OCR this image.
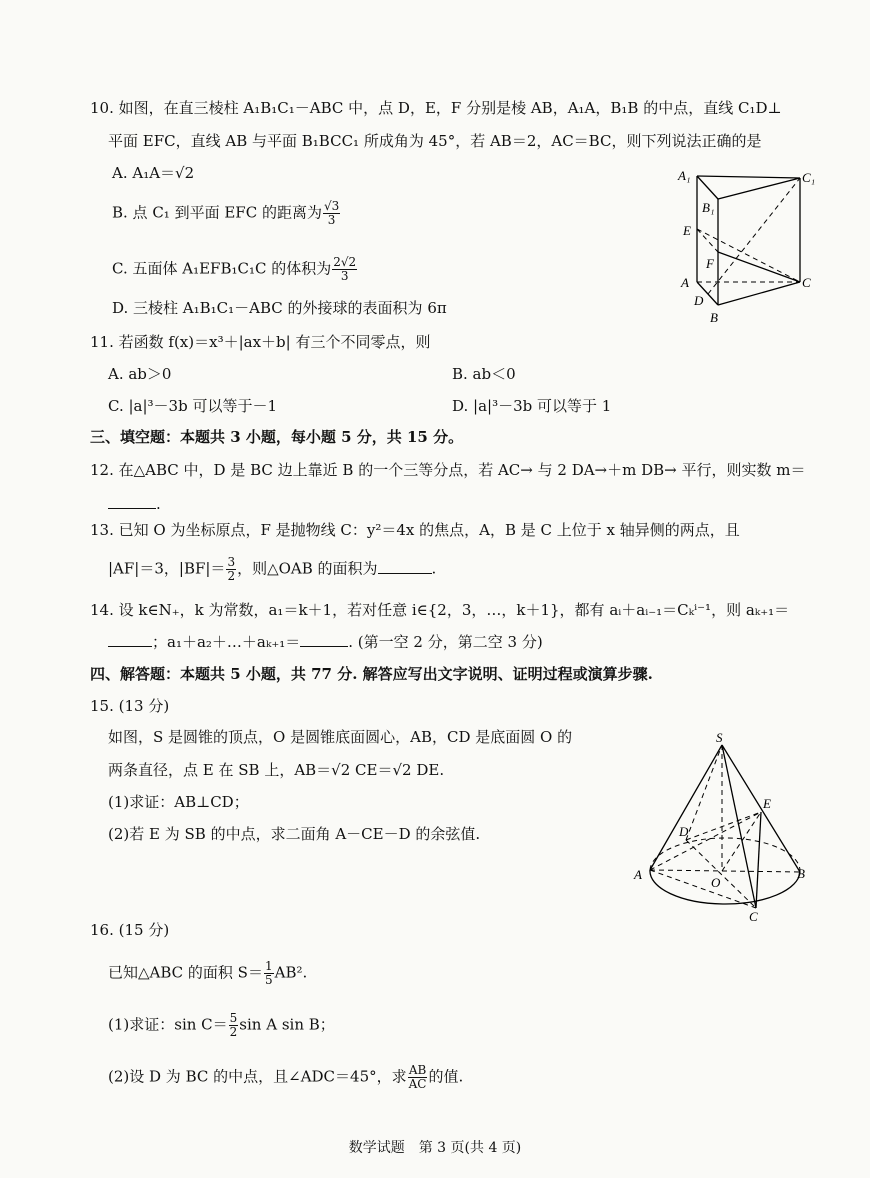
10. 如图，在直三棱柱 A₁B₁C₁－ABC 中，点 D，E，F 分别是棱 AB，A₁A，B₁B 的中点，直线 C₁D⊥
平面 EFC，直线 AB 与平面 B₁BCC₁ 所成角为 45°，若 AB＝2，AC＝BC，则下列说法正确的是
A. A₁A＝√2
B. 点 C₁ 到平面 EFC 的距离为 $\frac{√3}{3}$
C. 五面体 A₁EFB₁C₁C 的体积为 $\frac{2√2}{3}$
D. 三棱柱 A₁B₁C₁－ABC 的外接球的表面积为 6π
A₁	C₁
B₁
E
F
A	C
D
B
11. 若函数 f(x)＝x³＋|ax＋b| 有三个不同零点，则
A. ab＞0	B. ab＜0
C. |a|³－3b 可以等于－1	D. |a|³－3b 可以等于 1
三、填空题：本题共 3 小题，每小题 5 分，共 15 分。
12. 在△ABC 中，D 是 BC 边上靠近 B 的一个三等分点，若 AC→ 与 2 DA→＋m DB→ 平行，则实数 m＝
.
13. 已知 O 为坐标原点，F 是抛物线 C：y²＝4x 的焦点，A，B 是 C 上位于 x 轴异侧的两点，且
|AF|＝3，$|BF|= \frac{3}{2}$ ，则△OAB 的面积为	.
14. 设 k∈N₊，k 为常数，a₁＝k＋1，若对任意 i∈{2，3，…，k＋1}，都有 aᵢ＋aᵢ₋₁＝Cₖⁱ⁻¹，则 aₖ₊₁＝
；a₁＋a₂＋…＋aₖ₊₁＝	. (第一空 2 分，第二空 3 分)
四、解答题：本题共 5 小题，共 77 分. 解答应写出文字说明、证明过程或演算步骤.
15. (13 分)
如图，S 是圆锥的顶点，O 是圆锥底面圆心，AB，CD 是底面圆 O 的
两条直径，点 E 在 SB 上，AB＝√2 CE＝√2 DE.
(1)求证：AB⊥CD；
(2)若 E 为 SB 的中点，求二面角 A－CE－D 的余弦值.
S
E
D
A
O
B
C
16. (15 分)
已知△ABC 的面积 $S= \frac{1}{5} AB^2$.
(1)求证：$\sin C= \frac{5}{2}$ sin A sin B；
(2)设 D 为 BC 的中点，且∠ADC＝45°，求 $\frac{AB}{AC}$ 的值.
数学试题　第 3 页(共 4 页)
